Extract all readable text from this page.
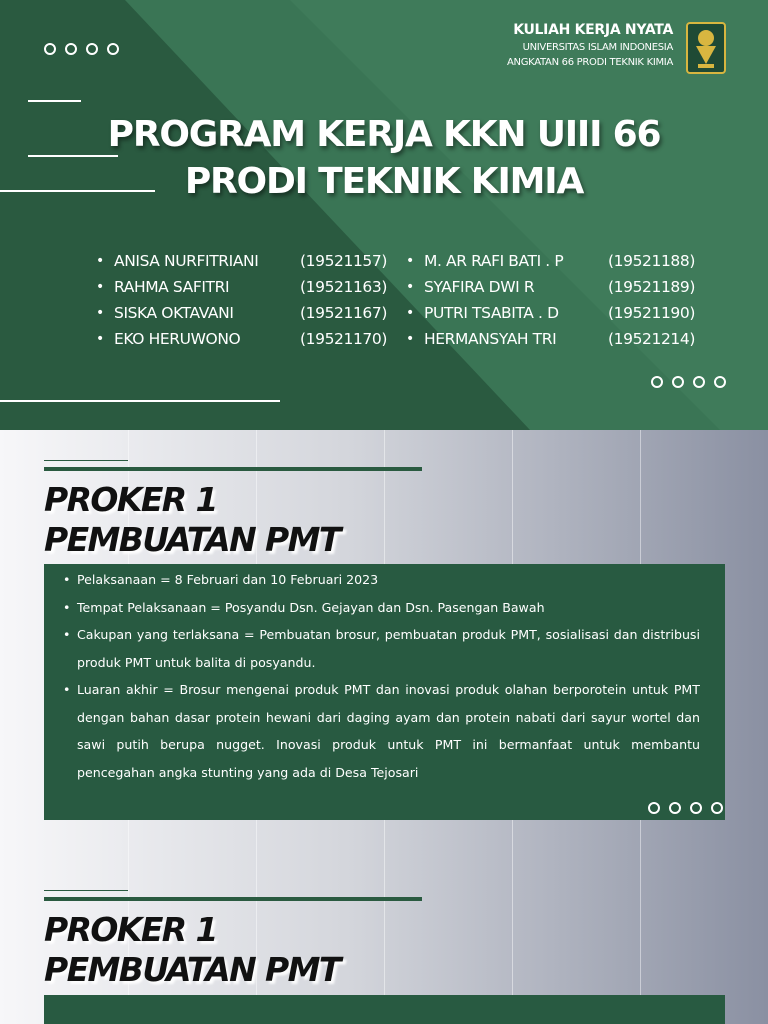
KULIAH KERJA NYATA
UNIVERSITAS ISLAM INDONESIA
ANGKATAN 66 PRODI TEKNIK KIMIA
PROGRAM KERJA KKN UIII 66
PRODI TEKNIK KIMIA
• ANISA NURFITRIANI	(19521157)
• RAHMA SAFITRI	(19521163)
• SISKA OKTAVANI	(19521167)
• EKO HERUWONO	(19521170)
• M. AR RAFI BATI . P	(19521188)
• SYAFIRA DWI R	(19521189)
• PUTRI TSABITA . D	(19521190)
• HERMANSYAH TRI	(19521214)
PROKER 1
PEMBUATAN PMT
• Pelaksanaan = 8 Februari dan 10 Februari 2023
• Tempat Pelaksanaan = Posyandu Dsn. Gejayan dan Dsn. Pasengan Bawah
• Cakupan yang terlaksana = Pembuatan brosur, pembuatan produk PMT, sosialisasi dan distribusi produk PMT untuk balita di posyandu.
• Luaran akhir = Brosur mengenai produk PMT dan inovasi produk olahan berporotein untuk PMT dengan bahan dasar protein hewani dari daging ayam dan protein nabati dari sayur wortel dan sawi putih berupa nugget. Inovasi produk untuk PMT ini bermanfaat untuk membantu pencegahan angka stunting yang ada di Desa Tejosari
PROKER 1
PEMBUATAN PMT
